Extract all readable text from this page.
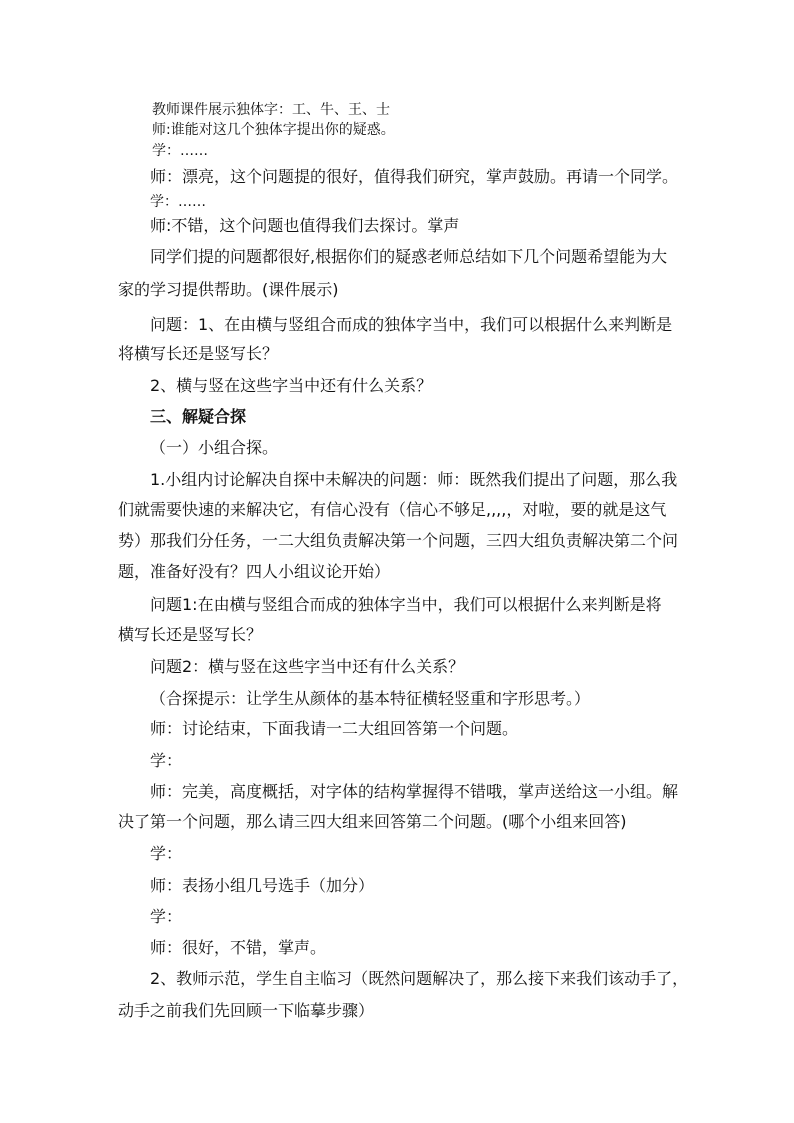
教师课件展示独体字：工、牛、王、士
师:谁能对这几个独体字提出你的疑惑。
学：……
师：漂亮，这个问题提的很好，值得我们研究，掌声鼓励。再请一个同学。
学：……
师:不错，这个问题也值得我们去探讨。掌声
同学们提的问题都很好,根据你们的疑惑老师总结如下几个问题希望能为大
家的学习提供帮助。(课件展示)
问题：1、在由横与竖组合而成的独体字当中，我们可以根据什么来判断是
将横写长还是竖写长？
2、横与竖在这些字当中还有什么关系？
三、解疑合探
（一）小组合探。
1.小组内讨论解决自探中未解决的问题：师：既然我们提出了问题，那么我
们就需要快速的来解决它，有信心没有（信心不够足,,,,，对啦，要的就是这气
势）那我们分任务，一二大组负责解决第一个问题，三四大组负责解决第二个问
题，准备好没有？四人小组议论开始）
问题1:在由横与竖组合而成的独体字当中，我们可以根据什么来判断是将
横写长还是竖写长？
问题2：横与竖在这些字当中还有什么关系？
（合探提示：让学生从颜体的基本特征横轻竖重和字形思考。）
师：讨论结束，下面我请一二大组回答第一个问题。
学：
师：完美，高度概括，对字体的结构掌握得不错哦，掌声送给这一小组。解
决了第一个问题，那么请三四大组来回答第二个问题。(哪个小组来回答)
学：
师：表扬小组几号选手（加分）
学：
师：很好，不错，掌声。
2、教师示范，学生自主临习（既然问题解决了，那么接下来我们该动手了，
动手之前我们先回顾一下临摹步骤）
